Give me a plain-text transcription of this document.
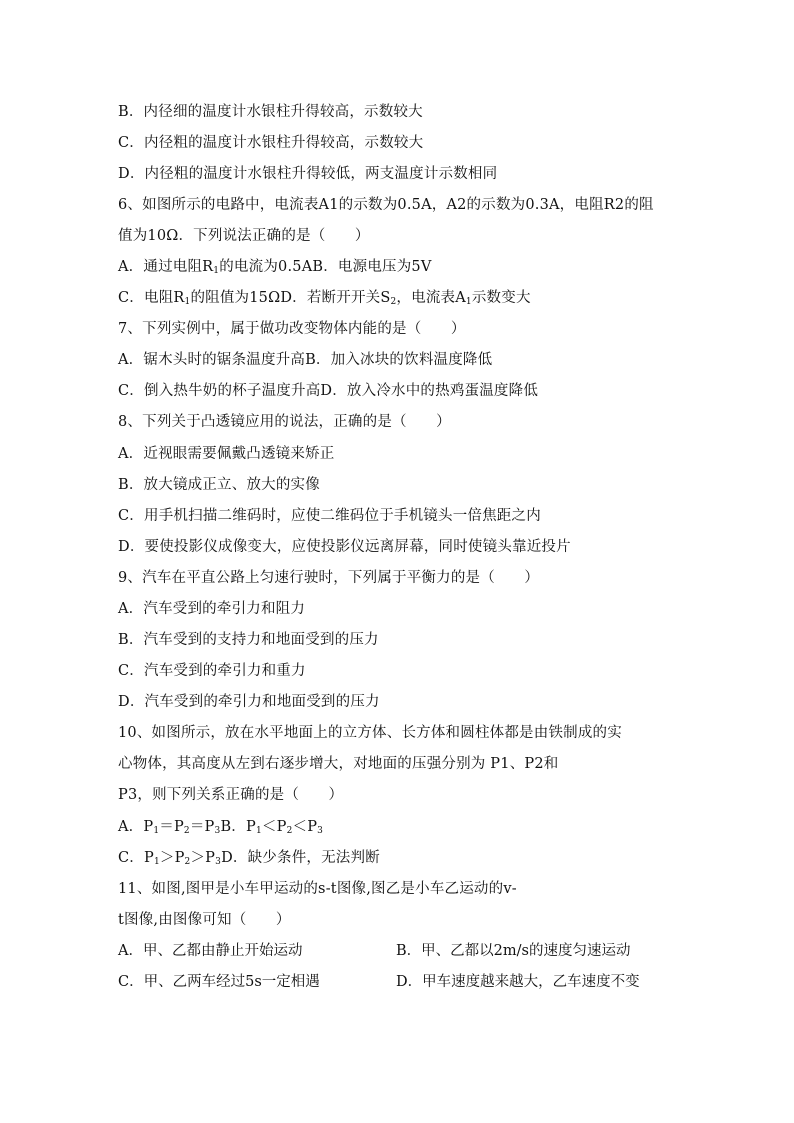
B．内径细的温度计水银柱升得较高，示数较大
C．内径粗的温度计水银柱升得较高，示数较大
D．内径粗的温度计水银柱升得较低，两支温度计示数相同
6、如图所示的电路中，电流表A1的示数为0.5A，A2的示数为0.3A，电阻R2的阻
值为10Ω．下列说法正确的是（　　）
A．通过电阻$R_1$的电流为0.5AB．电源电压为5V
C．电阻$R_1$的阻值为15ΩD．若断开开关$S_2$，电流表$A_1$示数变大
7、下列实例中，属于做功改变物体内能的是（　　）
A．锯木头时的锯条温度升高B．加入冰块的饮料温度降低
C．倒入热牛奶的杯子温度升高D．放入冷水中的热鸡蛋温度降低
8、下列关于凸透镜应用的说法，正确的是（　　）
A．近视眼需要佩戴凸透镜来矫正
B．放大镜成正立、放大的实像
C．用手机扫描二维码时，应使二维码位于手机镜头一倍焦距之内
D．要使投影仪成像变大，应使投影仪远离屏幕，同时使镜头靠近投片
9、汽车在平直公路上匀速行驶时，下列属于平衡力的是（　　）
A．汽车受到的牵引力和阻力
B．汽车受到的支持力和地面受到的压力
C．汽车受到的牵引力和重力
D．汽车受到的牵引力和地面受到的压力
10、如图所示，放在水平地面上的立方体、长方体和圆柱体都是由铁制成的实
心物体，其高度从左到右逐步增大，对地面的压强分别为 P1、P2和
P3，则下列关系正确的是（　　）
A．$P_1=P_2=P_3B$．$P_1<P_2<P_3$
C．$P_1>P_2>P_3D$．缺少条件，无法判断
11、如图,图甲是小车甲运动的s-t图像,图乙是小车乙运动的v-
t图像,由图像可知（　　）
A．甲、乙都由静止开始运动	B．甲、乙都以2m/s的速度匀速运动
C．甲、乙两车经过5s一定相遇	D．甲车速度越来越大，乙车速度不变
